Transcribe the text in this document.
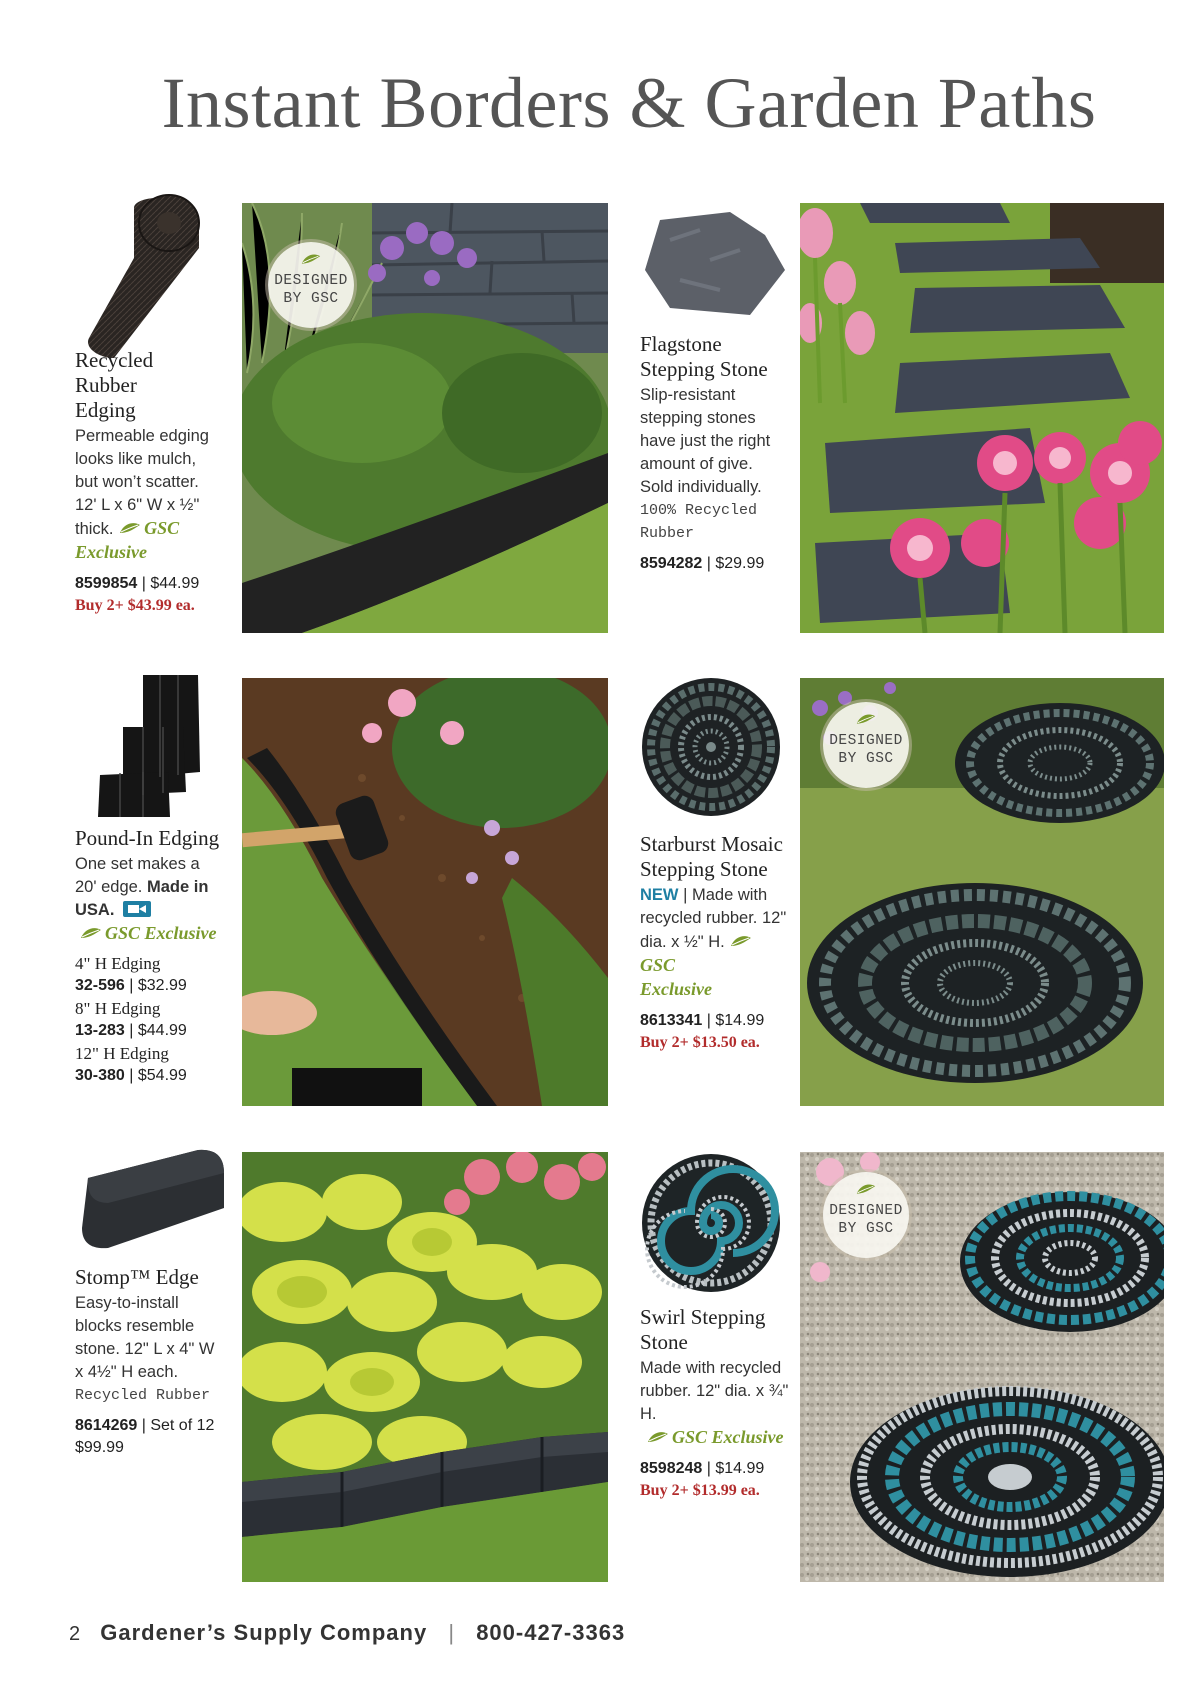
Instant Borders & Garden Paths
Recycled Rubber
Edging
Permeable edging looks like mulch, but won’t scatter. 12' L x 6" W x ½" thick. GSC
Exclusive
8599854 | $44.99
Buy 2+ $43.99 ea.
DESIGNED
BY GSC
Flagstone
Stepping Stone
Slip-resistant stepping stones have just the right amount of give. Sold individually.
100% Recycled Rubber
8594282 | $29.99
Pound-In Edging
One set makes a 20' edge. Made in USA.
GSC Exclusive
4" H Edging
32-596 | $32.99
8" H Edging
13-283 | $44.99
12" H Edging
30-380 | $54.99
Starburst Mosaic
Stepping Stone
NEW | Made with recycled rubber. 12" dia. x ½" H. GSC
Exclusive
8613341 | $14.99
Buy 2+ $13.50 ea.
DESIGNED
BY GSC
Stomp™ Edge
Easy-to-install blocks resemble stone. 12" L x 4" W x 4½" H each.
Recycled Rubber
8614269 | Set of 12
$99.99
Swirl Stepping
Stone
Made with recycled rubber. 12" dia. x ¾" H.
GSC Exclusive
8598248 | $14.99
Buy 2+ $13.99 ea.
DESIGNED
BY GSC
2 Gardener’s Supply Company | 800-427-3363
